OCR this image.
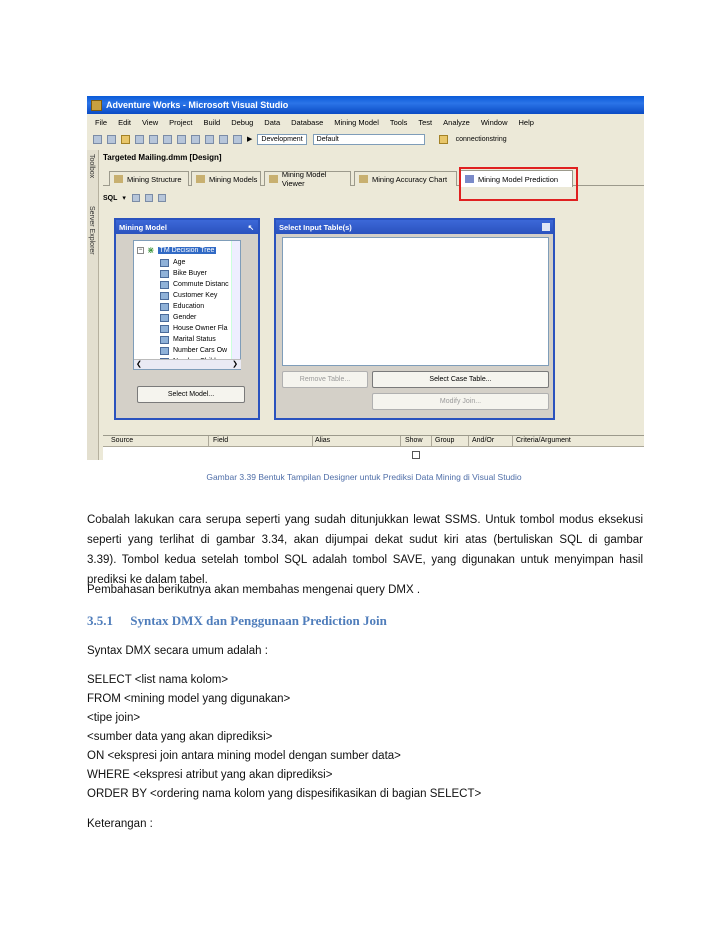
Adventure Works - Microsoft Visual Studio
File Edit View Project Build Debug Data Database Mining Model Tools Test Analyze Window Help
▶	Development	Default	connectionstring
Toolbox
Server Explorer
Targeted Mailing.dmm [Design]
Mining Structure	Mining Models	Mining Model Viewer	Mining Accuracy Chart	Mining Model Prediction
SQL ▾
Mining Model	↖
− ⋇ TM Decision Tree
Age
Bike Buyer
Commute Distanc
Customer Key
Education
Gender
House Owner Fla
Marital Status
Number Cars Ow
❮	❯
Select Model...
Select Input Table(s)
Remove Table...	Select Case Table...
Modify Join...
Source	Field	Alias	Show Group	And/Or	Criteria/Argument
Gambar 3.39 Bentuk Tampilan Designer untuk Prediksi Data Mining di Visual Studio
Cobalah lakukan cara serupa seperti yang sudah ditunjukkan lewat SSMS. Untuk tombol modus eksekusi
seperti yang terlihat di gambar 3.34, akan dijumpai dekat sudut kiri atas (bertuliskan SQL di gambar
3.39). Tombol kedua setelah tombol SQL adalah tombol SAVE, yang digunakan untuk menyimpan hasil
prediksi ke dalam tabel.
Pembahasan berikutnya akan membahas mengenai query DMX .
3.5.1 Syntax DMX dan Penggunaan Prediction Join
Syntax DMX secara umum adalah :
SELECT <list nama kolom>
FROM <mining model yang digunakan>
<tipe join>
<sumber data yang akan diprediksi>
ON <ekspresi join antara mining model dengan sumber data>
WHERE <ekspresi atribut yang akan diprediksi>
ORDER BY <ordering nama kolom yang dispesifikasikan di bagian SELECT>
Keterangan :
